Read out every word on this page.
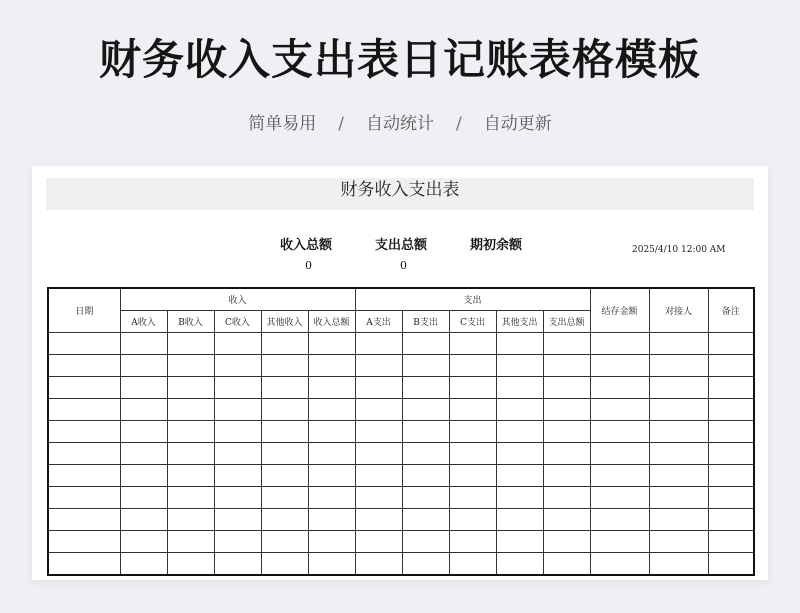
财务收入支出表日记账表格模板
简单易用 / 自动统计 / 自动更新
财务收入支出表
收入总额
0
支出总额
0
期初余额	2025/4/10 12:00 AM
日期	收入					支出					结存金额	对接人	备注
	A收入	B收入	C收入	其他收入	收入总额	A支出	B支出	C支出	其他支出	支出总额			
